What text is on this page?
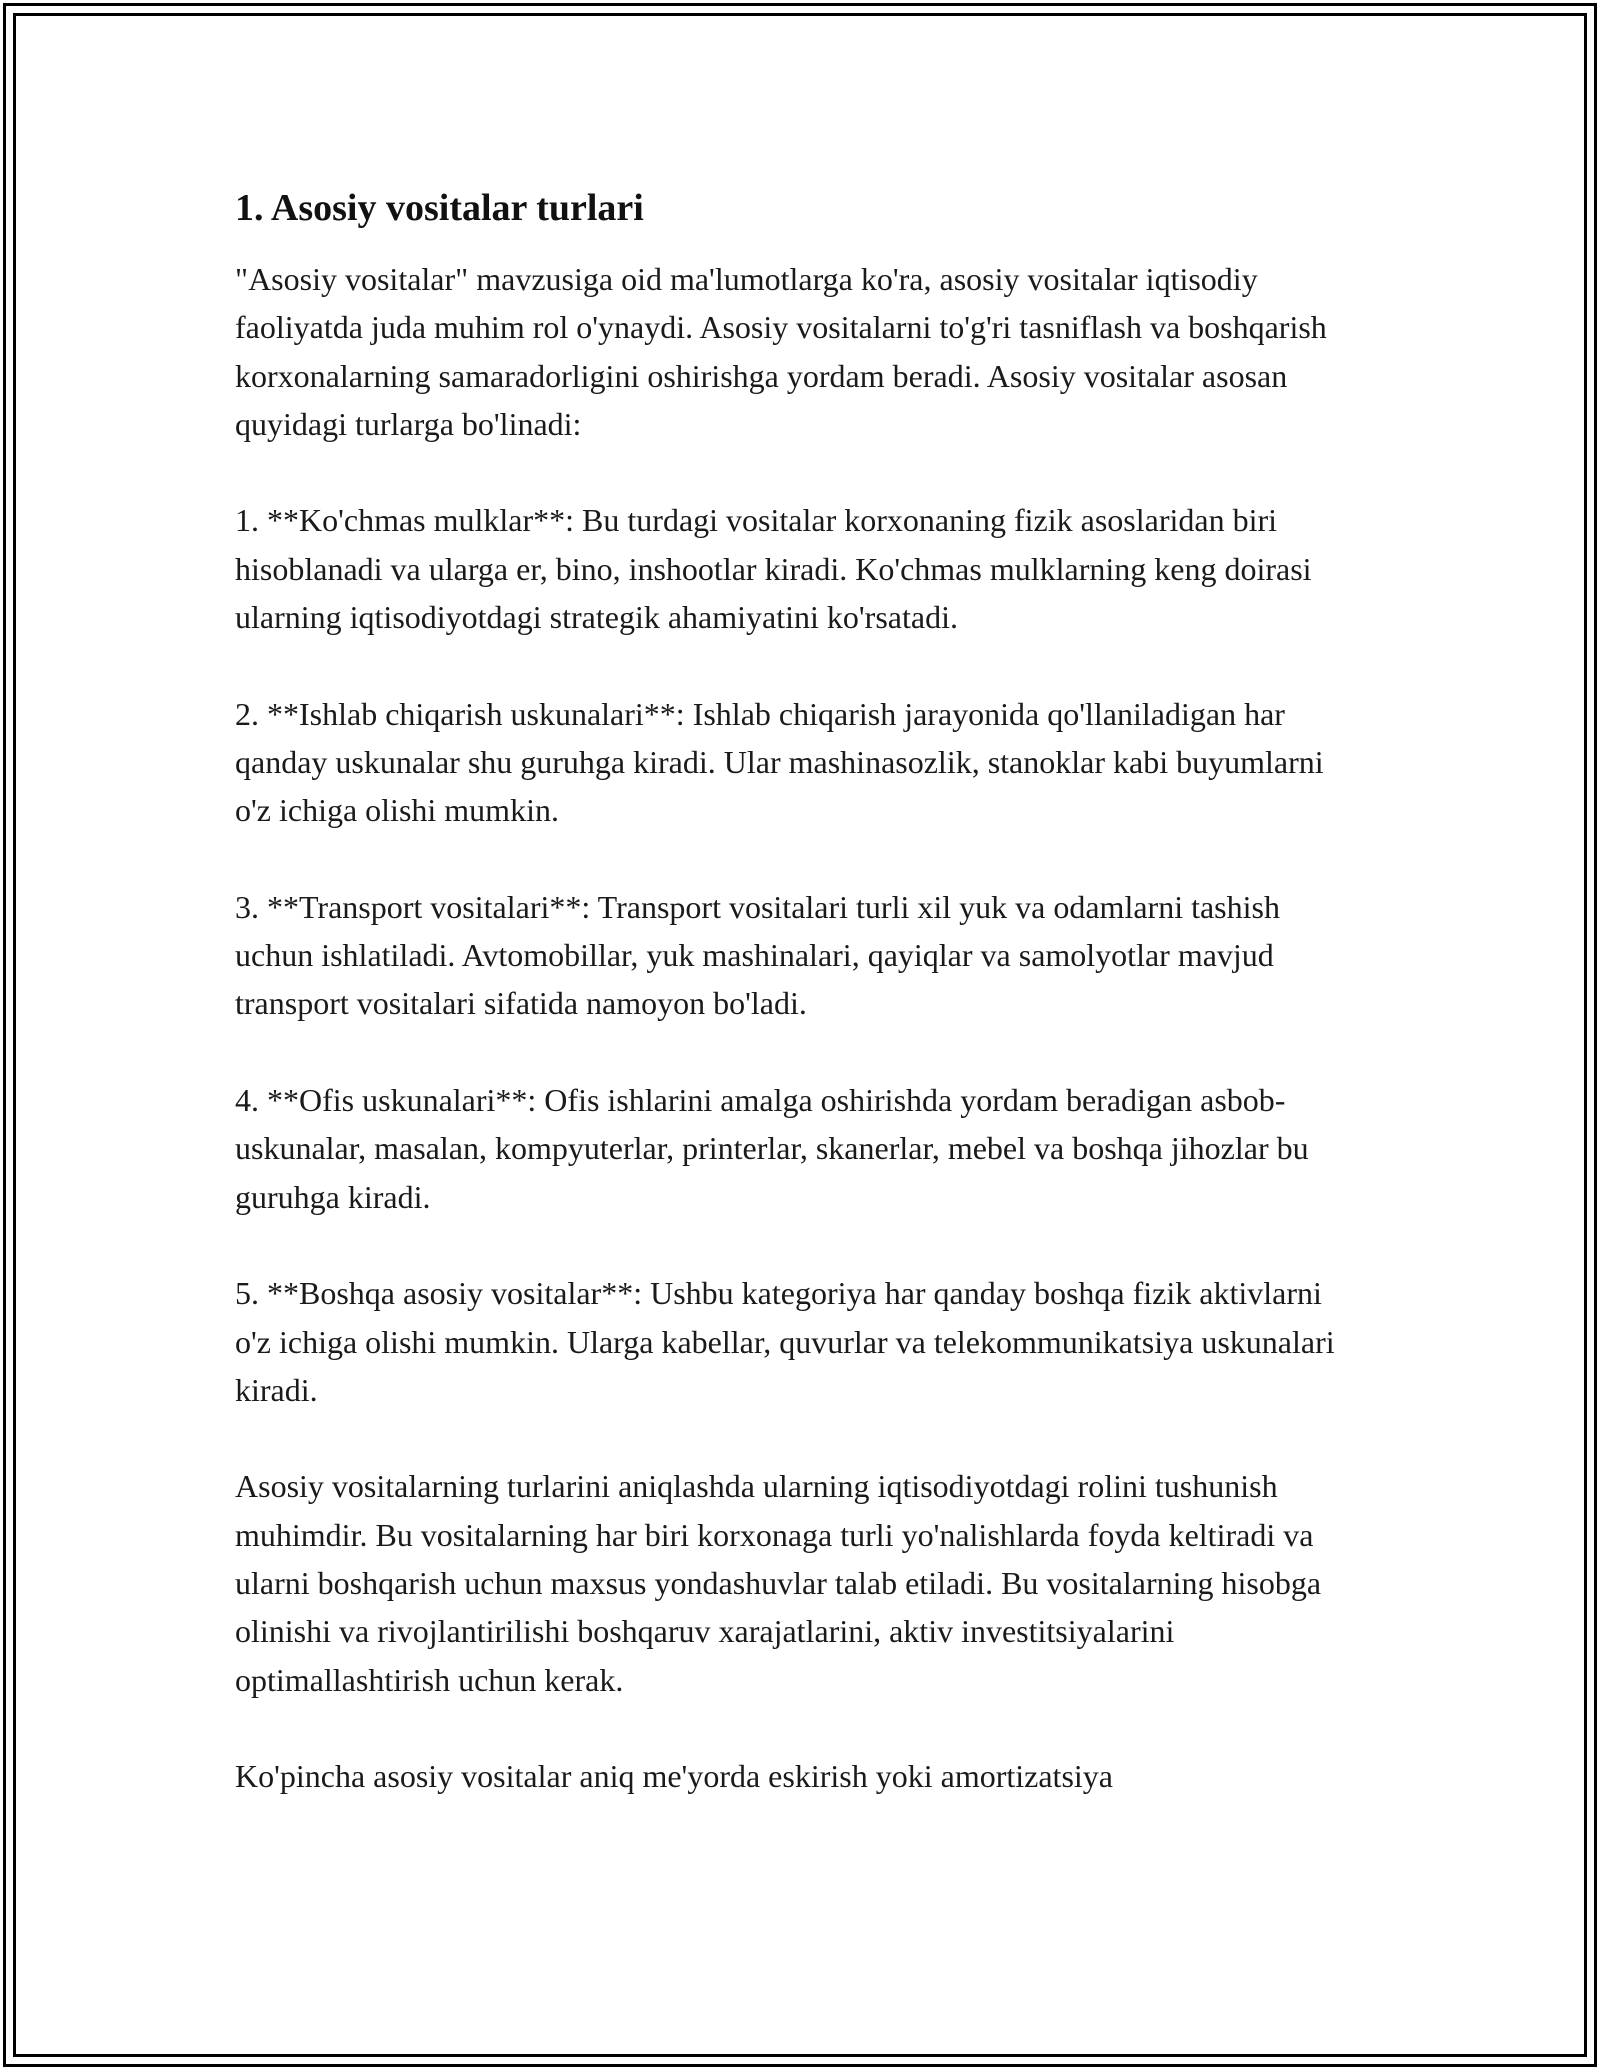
1. Asosiy vositalar turlari

"Asosiy vositalar" mavzusiga oid ma'lumotlarga ko'ra, asosiy vositalar iqtisodiy faoliyatda juda muhim rol o'ynaydi. Asosiy vositalarni to'g'ri tasniflash va boshqarish korxonalarning samaradorligini oshirishga yordam beradi. Asosiy vositalar asosan quyidagi turlarga bo'linadi:

1. **Ko'chmas mulklar**: Bu turdagi vositalar korxonaning fizik asoslaridan biri hisoblanadi va ularga er, bino, inshootlar kiradi. Ko'chmas mulklarning keng doirasi ularning iqtisodiyotdagi strategik ahamiyatini ko'rsatadi.

2. **Ishlab chiqarish uskunalari**: Ishlab chiqarish jarayonida qo'llaniladigan har qanday uskunalar shu guruhga kiradi. Ular mashinasozlik, stanoklar kabi buyumlarni o'z ichiga olishi mumkin.

3. **Transport vositalari**: Transport vositalari turli xil yuk va odamlarni tashish uchun ishlatiladi. Avtomobillar, yuk mashinalari, qayiqlar va samolyotlar mavjud transport vositalari sifatida namoyon bo'ladi.

4. **Ofis uskunalari**: Ofis ishlarini amalga oshirishda yordam beradigan asbob-uskunalar, masalan, kompyuterlar, printerlar, skanerlar, mebel va boshqa jihozlar bu guruhga kiradi.

5. **Boshqa asosiy vositalar**: Ushbu kategoriya har qanday boshqa fizik aktivlarni o'z ichiga olishi mumkin. Ularga kabellar, quvurlar va telekommunikatsiya uskunalari kiradi.

Asosiy vositalarning turlarini aniqlashda ularning iqtisodiyotdagi rolini tushunish muhimdir. Bu vositalarning har biri korxonaga turli yo'nalishlarda foyda keltiradi va ularni boshqarish uchun maxsus yondashuvlar talab etiladi. Bu vositalarning hisobga olinishi va rivojlantirilishi boshqaruv xarajatlarini, aktiv investitsiyalarini optimallashtirish uchun kerak.

Ko'pincha asosiy vositalar aniq me'yorda eskirish yoki amortizatsiya
